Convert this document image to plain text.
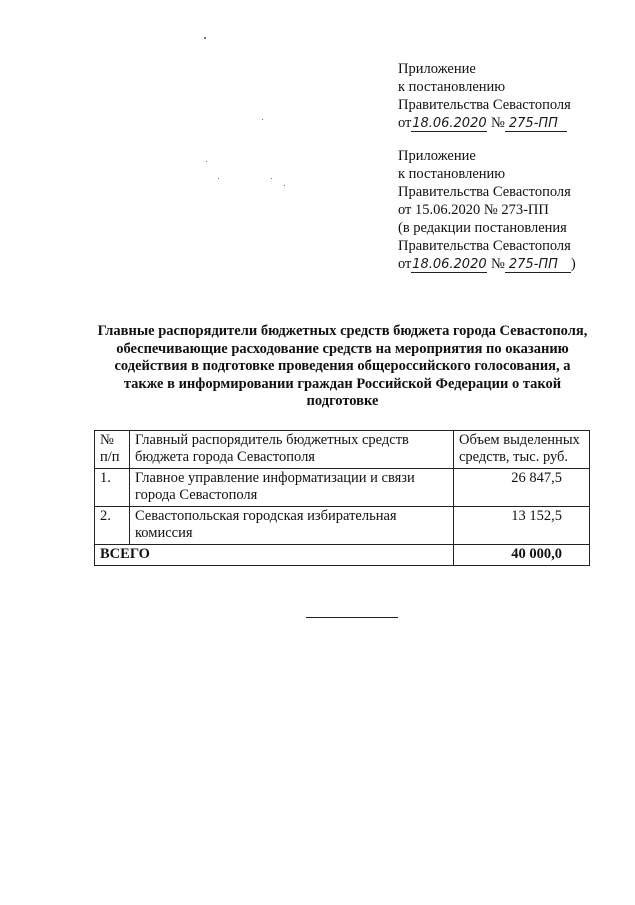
Приложение
к постановлению
Правительства Севастополя
от18.06.2020 № 275-ПП
Приложение
к постановлению
Правительства Севастополя
от 15.06.2020 № 273-ПП
(в редакции постановления
Правительства Севастополя
от18.06.2020 № 275-ПП )
Главные распорядители бюджетных средств бюджета города Севастополя, обеспечивающие расходование средств на мероприятия по оказанию содействия в подготовке проведения общероссийского голосования, а также в информировании граждан Российской Федерации о такой подготовке
№ п/п	Главный распорядитель бюджетных средств бюджета города Севастополя	Объем выделенных средств, тыс. руб.
1.	Главное управление информатизации и связи города Севастополя	26 847,5
2.	Севастопольская городская избирательная комиссия	13 152,5
ВСЕГО		40 000,0
